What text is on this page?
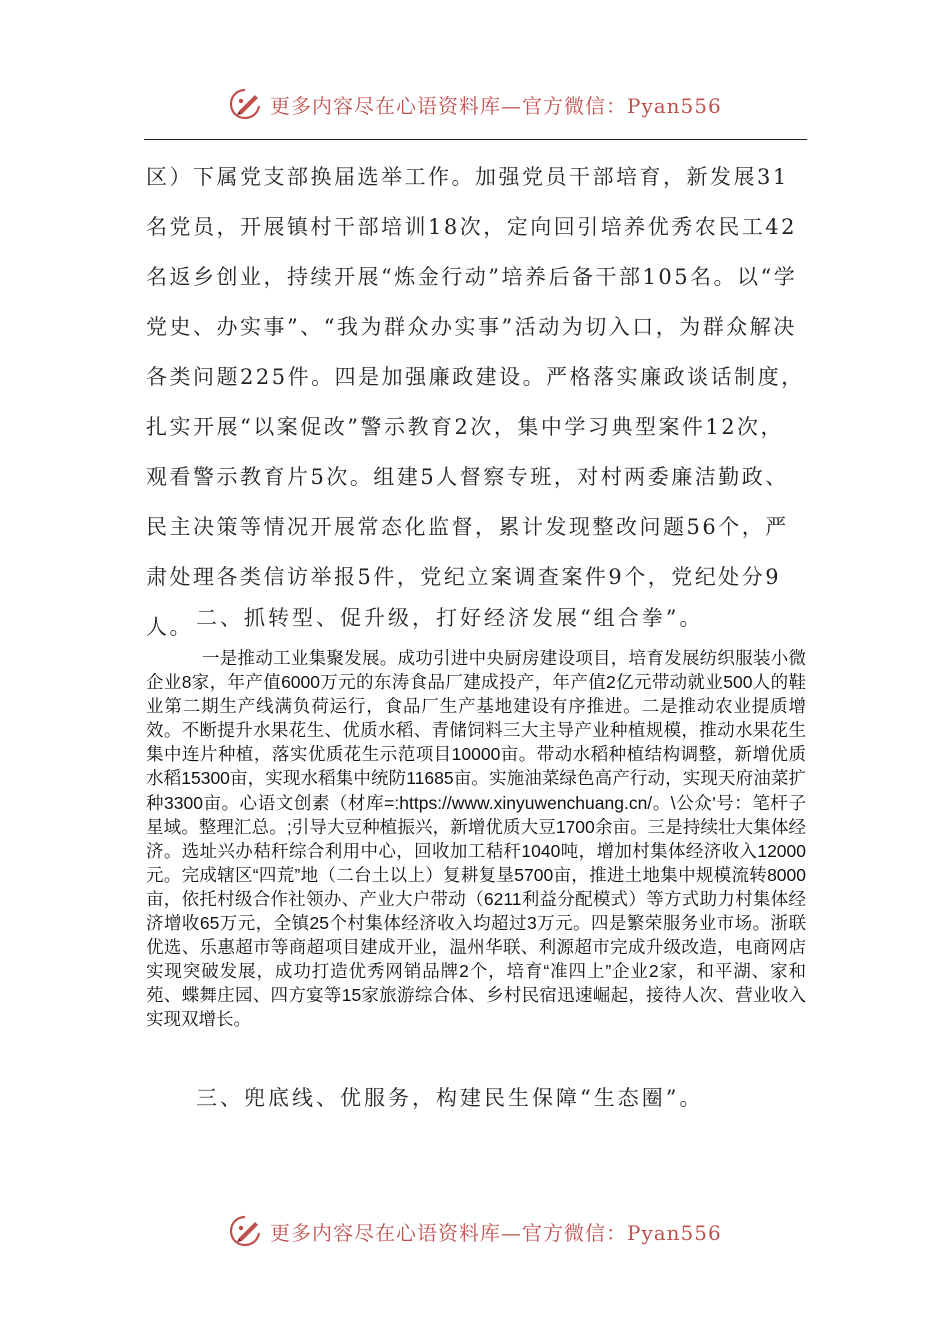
更多内容尽在心语资料库—官方微信：Pyan556

区）下属党支部换届选举工作。加强党员干部培育，新发展31名党员，开展镇村干部培训18次，定向回引培养优秀农民工42名返乡创业，持续开展“炼金行动”培养后备干部105名。以“学党史、办实事”、“我为群众办实事”活动为切入口，为群众解决各类问题225件。四是加强廉政建设。严格落实廉政谈话制度，扎实开展“以案促改”警示教育2次，集中学习典型案件12次，观看警示教育片5次。组建5人督察专班，对村两委廉洁勤政、民主决策等情况开展常态化监督，累计发现整改问题56个，严肃处理各类信访举报5件，党纪立案调查案件9个，党纪处分9人。 二、抓转型、促升级，打好经济发展“组合拳”。

一是推动工业集聚发展。成功引进中央厨房建设项目，培育发展纺织服装小微企业8家，年产值6000万元的东涛食品厂建成投产，年产值2亿元带动就业500人的鞋业第二期生产线满负荷运行，食品厂生产基地建设有序推进。二是推动农业提质增效。不断提升水果花生、优质水稻、青储饲料三大主导产业种植规模，推动水果花生集中连片种植，落实优质花生示范项目10000亩。带动水稻种植结构调整，新增优质水稻15300亩，实现水稻集中统防11685亩。实施油菜绿色高产行动，实现天府油菜扩种3300亩。心语文创素（材库=:https://www.xinyuwenchuang.cn/。\公众'号：笔杆子星域。整理汇总。;引导大豆种植振兴，新增优质大豆1700余亩。三是持续壮大集体经济。选址兴办秸秆综合利用中心，回收加工秸秆1040吨，增加村集体经济收入12000元。完成辖区“四荒”地（二台土以上）复耕复垦5700亩，推进土地集中规模流转8000亩，依托村级合作社领办、产业大户带动（6211利益分配模式）等方式助力村集体经济增收65万元，全镇25个村集体经济收入均超过3万元。四是繁荣服务业市场。浙联优选、乐惠超市等商超项目建成开业，温州华联、利源超市完成升级改造，电商网店实现突破发展，成功打造优秀网销品牌2个，培育“准四上”企业2家，和平湖、家和苑、蝶舞庄园、四方宴等15家旅游综合体、乡村民宿迅速崛起，接待人次、营业收入实现双增长。

三、兜底线、优服务，构建民生保障“生态圈”。
更多内容尽在心语资料库—官方微信：Pyan556
